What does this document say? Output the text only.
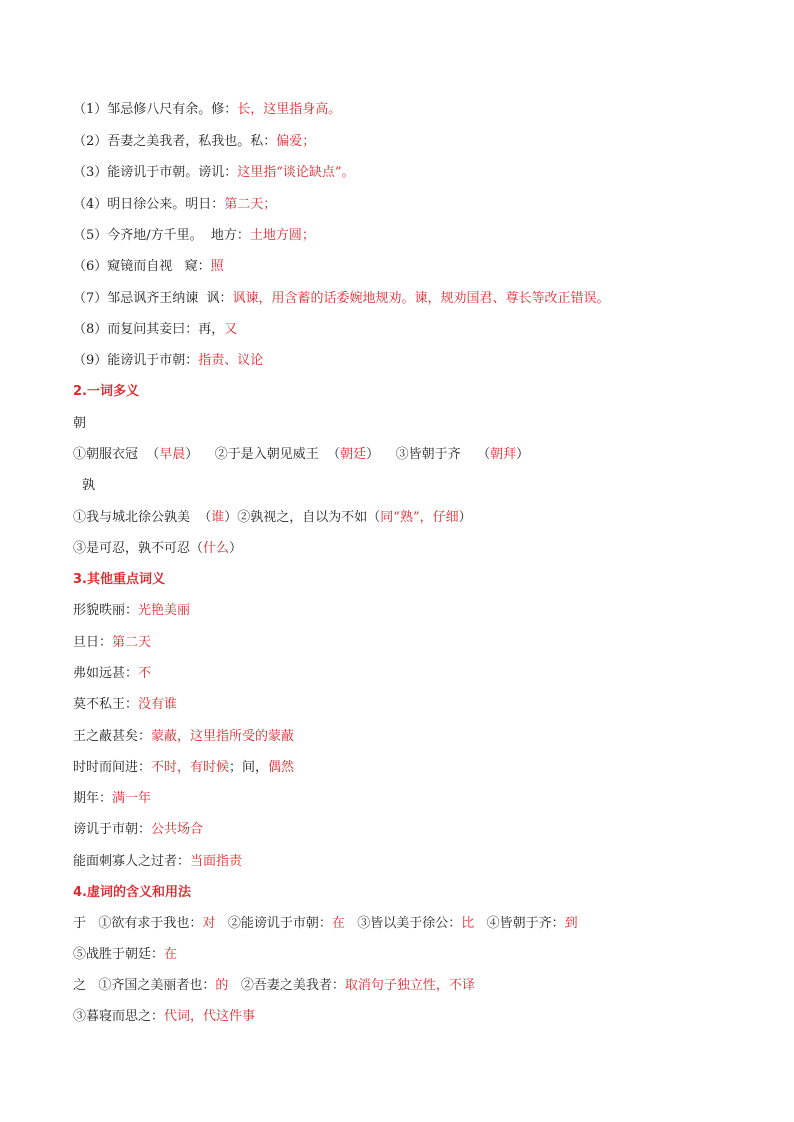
（1）邹忌修八尺有余。修：长，这里指身高。
（2）吾妻之美我者，私我也。私：偏爱；
（3）能谤讥于市朝。谤讥：这里指“谈论缺点”。
（4）明日徐公来。明日：第二天；
（5）今齐地/方千里。  地方：土地方圆；
（6）窥镜而自视   窥：照
（7）邹忌讽齐王纳谏  讽：讽谏，用含蓄的话委婉地规劝。谏，规劝国君、尊长等改正错误。
（8）而复问其妾曰：再，又
（9）能谤讥于市朝：指责、议论
2.一词多义
朝
①朝服衣冠  （早晨）    ②于是入朝见威王  （朝廷）    ③皆朝于齐    （朝拜）
孰
①我与城北徐公孰美  （谁）②孰视之，自以为不如（同“熟”，仔细）
③是可忍，孰不可忍（什么）
3.其他重点词义
形貌昳丽：光艳美丽
旦日：第二天
弗如远甚：不
莫不私王：没有谁
王之蔽甚矣：蒙蔽，这里指所受的蒙蔽
时时而间进：不时，有时候；间，偶然
期年：满一年
谤讥于市朝：公共场合
能面刺寡人之过者：当面指责
4.虚词的含义和用法
于   ①欲有求于我也：对   ②能谤讥于市朝：在   ③皆以美于徐公：比   ④皆朝于齐：到
⑤战胜于朝廷：在
之   ①齐国之美丽者也：的   ②吾妻之美我者：取消句子独立性，不译
③暮寝而思之：代词，代这件事
